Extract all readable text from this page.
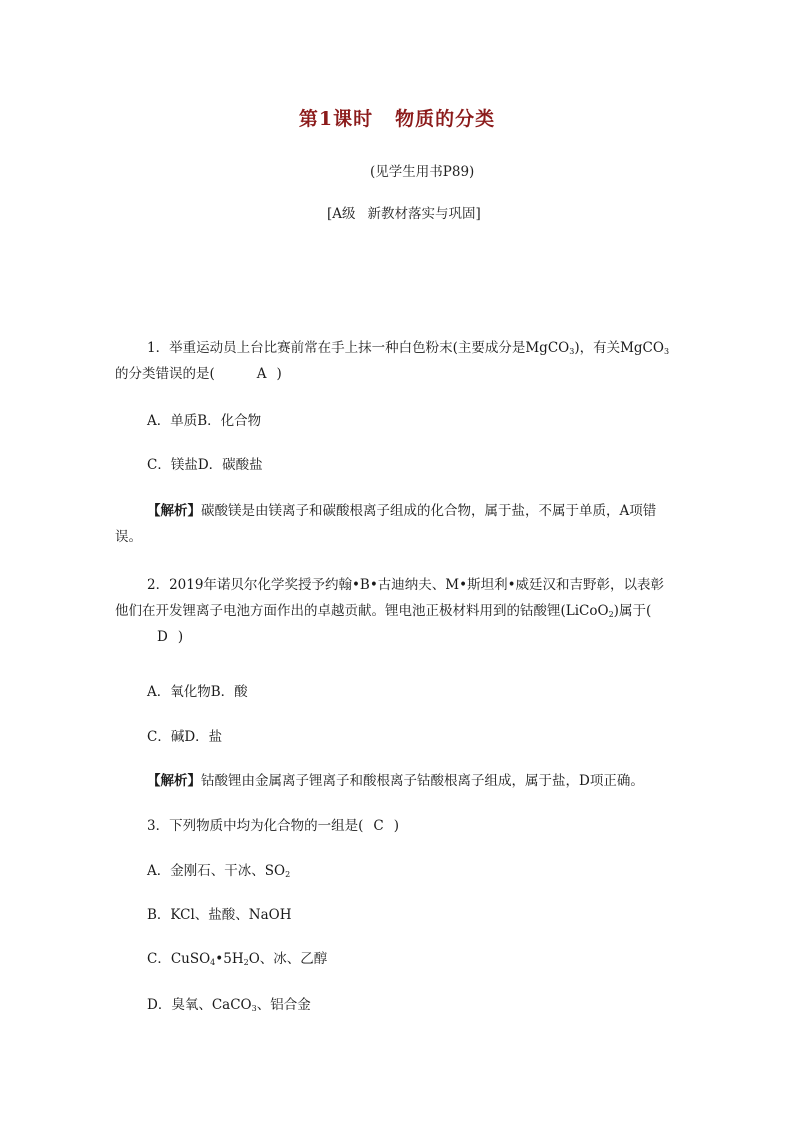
第1课时 物质的分类
(见学生用书P89)
[A级 新教材落实与巩固]
1．举重运动员上台比赛前常在手上抹一种白色粉末(主要成分是MgCO$_3$)，有关MgCO$_3$的分类错误的是(	A )
A．单质B．化合物
C．镁盐D．碳酸盐
【解析】碳酸镁是由镁离子和碳酸根离子组成的化合物，属于盐，不属于单质，A项错误。
2．2019年诺贝尔化学奖授予约翰•B•古迪纳夫、M•斯坦利•威廷汉和吉野彰，以表彰他们在开发锂离子电池方面作出的卓越贡献。锂电池正极材料用到的钴酸锂(LiCoO$_2$)属于(D )
A．氧化物B．酸
C．碱D．盐
【解析】钴酸锂由金属离子锂离子和酸根离子钴酸根离子组成，属于盐，D项正确。
3．下列物质中均为化合物的一组是( C )
A．金刚石、干冰、$SO_2$
B．KCl、盐酸、NaOH
C．$CuSO_4•5H_2O$、冰、乙醇
D．臭氧、CaCO$_3$、铝合金
